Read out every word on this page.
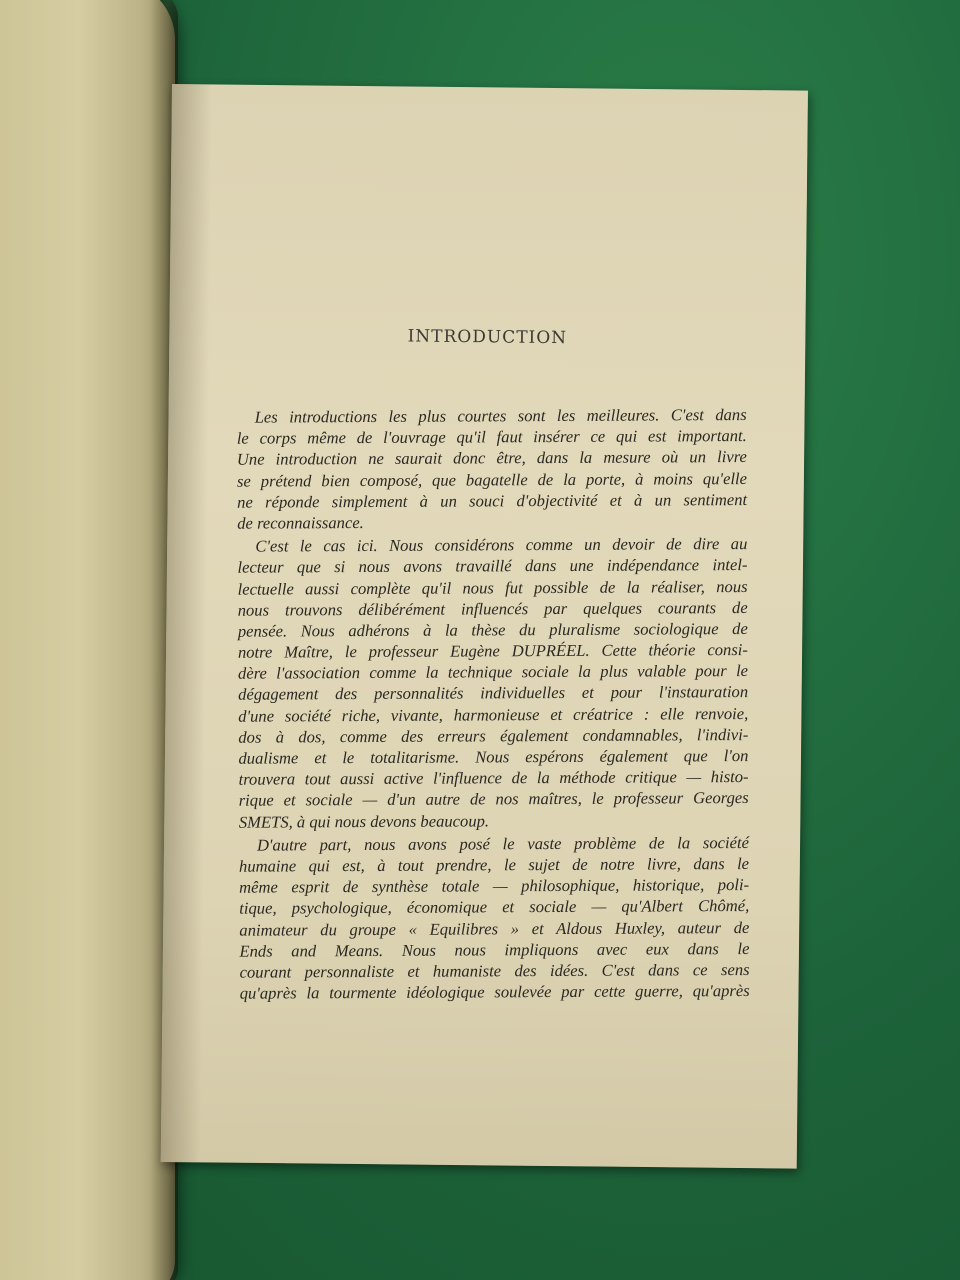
INTRODUCTION
Les introductions les plus courtes sont les meilleures. C'est dans
le corps même de l'ouvrage qu'il faut insérer ce qui est important.
Une introduction ne saurait donc être, dans la mesure où un livre
se prétend bien composé, que bagatelle de la porte, à moins qu'elle
ne réponde simplement à un souci d'objectivité et à un sentiment
de reconnaissance.
C'est le cas ici. Nous considérons comme un devoir de dire au
lecteur que si nous avons travaillé dans une indépendance intel-
lectuelle aussi complète qu'il nous fut possible de la réaliser, nous
nous trouvons délibérément influencés par quelques courants de
pensée. Nous adhérons à la thèse du pluralisme sociologique de
notre Maître, le professeur Eugène DUPRÉEL. Cette théorie consi-
dère l'association comme la technique sociale la plus valable pour le
dégagement des personnalités individuelles et pour l'instauration
d'une société riche, vivante, harmonieuse et créatrice : elle renvoie,
dos à dos, comme des erreurs également condamnables, l'indivi-
dualisme et le totalitarisme. Nous espérons également que l'on
trouvera tout aussi active l'influence de la méthode critique — histo-
rique et sociale — d'un autre de nos maîtres, le professeur Georges
SMETS, à qui nous devons beaucoup.
D'autre part, nous avons posé le vaste problème de la société
humaine qui est, à tout prendre, le sujet de notre livre, dans le
même esprit de synthèse totale — philosophique, historique, poli-
tique, psychologique, économique et sociale — qu'Albert Chômé,
animateur du groupe « Equilibres » et Aldous Huxley, auteur de
Ends and Means. Nous nous impliquons avec eux dans le
courant personnaliste et humaniste des idées. C'est dans ce sens
qu'après la tourmente idéologique soulevée par cette guerre, qu'après
